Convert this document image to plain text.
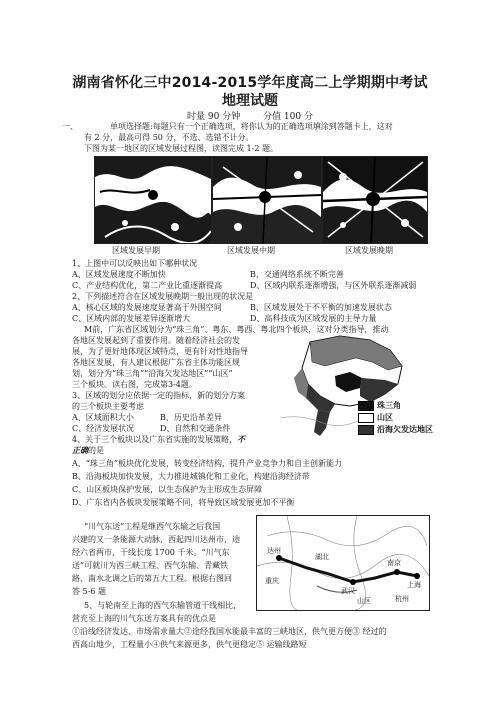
湖南省怀化三中2014-2015学年度高二上学期期中考试
地理试题
时量 90 分钟        分值 100 分
一、	单项选择题:每题只有一个正确选项，将你认为的正确选项填涂到答题卡上，这对
有 2 分，最高可得 50 分，不选、选错不计分。
下图为某一地区的区域发展过程图，读图完成 1-2 题。
区域发展早期	区域发展中期	区域发展晚期
1、上图中可以反映出如下哪种状况
A、区域发展速度不断加快	B、交通网络系统不断完善
C、产业结构优化，第二产业比重逐渐提高	D、区域内联系逐渐增强，与区外联系逐渐减弱
2、下列描述符合在区域发展晚期一般出现的状况是
A、核心区域的发展速度显著高于外围空间	B、区域发展处于不平衡的加速发展状态
C、区域内部的发展差异逐渐增大	D、高科技成为区域发展的主导力量
M前，广东省区域划分为“珠三角”、粤东、粤西、粤北四个板块，这对分类指导，推动
各地区发展起到了重要作用。随着经济社会的发
展，为了更好地体现区域特点，更有针对性地指导
各地区发展，有人建议根据广东省主体功能区规
划，划分为“珠三角”“沿海欠发达地区”“山区”
三个板块。读右图，完成第3-4题。
珠三角
山区
沿海欠发达地区
3、区域的划分应依据一定的指标，新的划分方案
的三个板块主要考虑
A、区域面积大小	B、历史沿革差异
C、经济发展状况	D、自然和交通条件
4、关于三个板块以及广东省实施的发展策略，不
正确的是
A、“珠三角”板块优化发展，转变经济结构，提升产业竞争力和自主创新能力
B、沿海板块加快发展，大力推进城镇化和工业化，构建沿海经济带
C、山区板块保护发展，以生态保护为主形成生态屏障
D、广东省内各板块发展策略不同，将导致区域发展更加不平衡
“川气东送”工程是继西气东输之后我国
兴建的又一条能源大动脉，西起四川达州市，途
经六省两市，干线长度 1700 千米。“川气东
送”可就川为西三峡工程、西气东输、青藏铁
路、南水北调之后的第五大工程。根据右图回
答 5-6 题
达州
武汉
南京
上海
杭州
山区
重庆
湖北
5、与轮南至上海的西气东输管道干线相比，
营充至上海的川气东送方案具有的优点是
①沿线经济发达、市场需求量大②途经我国水能最丰富的三峡地区，供气更方便③ 经过的
西高山地少，工程量小④供气来源更多，供气更稳定⑤ 运输线路短
